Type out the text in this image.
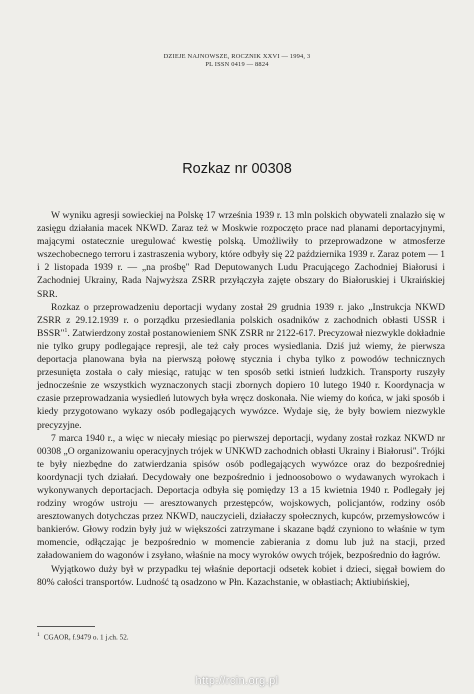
DZIEJE NAJNOWSZE, ROCZNIK XXVI — 1994, 3
PL ISSN 0419 — 8824
Rozkaz nr 00308

W wyniku agresji sowieckiej na Polskę 17 września 1939 r. 13 mln polskich obywateli znalazło się w zasięgu działania macek NKWD. Zaraz też w Moskwie rozpoczęto prace nad planami deportacyjnymi, mającymi ostatecznie uregulować kwestię polską. Umożliwiły to przeprowadzone w atmosferze wszechobecnego terroru i zastraszenia wybory, które odbyły się 22 października 1939 r. Zaraz potem — 1 i 2 listopada 1939 r. — „na prośbę" Rad Deputowanych Ludu Pracującego Zachodniej Białorusi i Zachodniej Ukrainy, Rada Najwyższa ZSRR przyłączyła zajęte obszary do Białoruskiej i Ukraińskiej SRR.

Rozkaz o przeprowadzeniu deportacji wydany został 29 grudnia 1939 r. jako „Instrukcja NKWD ZSRR z 29.12.1939 r. o porządku przesiedlania polskich osadników z zachodnich obłasti USSR i BSSR"$^1$. Zatwierdzony został postanowieniem SNK ZSRR nr 2122-617. Precyzował niezwykle dokładnie nie tylko grupy podlegające represji, ale też cały proces wysiedlania. Dziś już wiemy, że pierwsza deportacja planowana była na pierwszą połowę stycznia i chyba tylko z powodów technicznych przesunięta została o cały miesiąc, ratując w ten sposób setki istnień ludzkich. Transporty ruszyły jednocześnie ze wszystkich wyznaczonych stacji zbornych dopiero 10 lutego 1940 r. Koordynacja w czasie przeprowadzania wysiedleń lutowych była wręcz doskonała. Nie wiemy do końca, w jaki sposób i kiedy przygotowano wykazy osób podlegających wywózce. Wydaje się, że były bowiem niezwykle precyzyjne.

7 marca 1940 r., a więc w niecały miesiąc po pierwszej deportacji, wydany został rozkaz NKWD nr 00308 „O organizowaniu operacyjnych trójek w UNKWD zachodnich obłasti Ukrainy i Białorusi". Trójki te były niezbędne do zatwierdzania spisów osób podlegających wywózce oraz do bezpośredniej koordynacji tych działań. Decydowały one bezpośrednio i jednoosobowo o wydawanych wyrokach i wykonywanych deportacjach. Deportacja odbyła się pomiędzy 13 a 15 kwietnia 1940 r. Podlegały jej rodziny wrogów ustroju — aresztowanych przestępców, wojskowych, policjantów, rodziny osób aresztowanych dotychczas przez NKWD, nauczycieli, działaczy społecznych, kupców, przemysłowców i bankierów. Głowy rodzin były już w większości zatrzymane i skazane bądź czyniono to właśnie w tym momencie, odłączając je bezpośrednio w momencie zabierania z domu lub już na stacji, przed załadowaniem do wagonów i zsyłano, właśnie na mocy wyroków owych trójek, bezpośrednio do łagrów.

Wyjątkowo duży był w przypadku tej właśnie deportacji odsetek kobiet i dzieci, sięgał bowiem do 80% całości transportów. Ludność tą osadzono w Płn. Kazachstanie, w obłastiach; Aktiubińskiej,

$^1$ CGAOR, f.9479 o. 1 j.ch. 52.
http://rcin.org.pl
